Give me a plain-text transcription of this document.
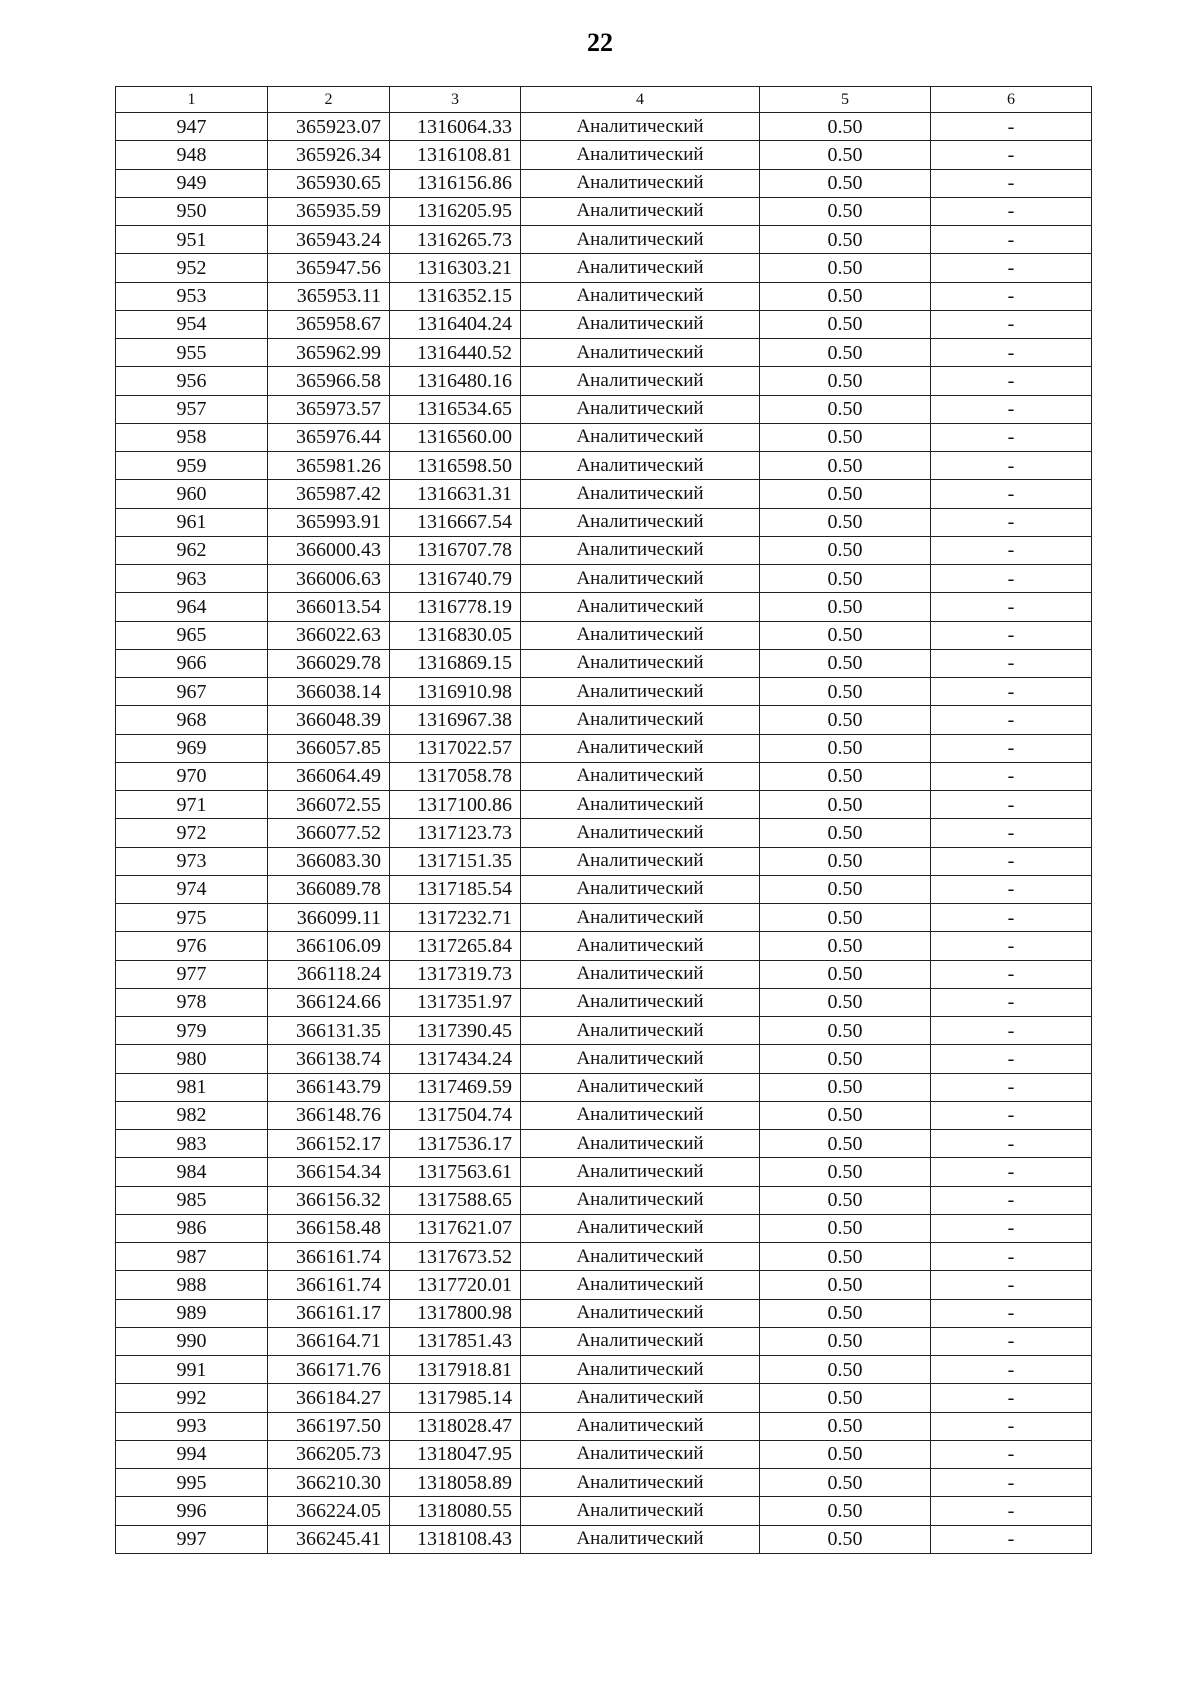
22
1	2	3	4	5	6
947	365923.07	1316064.33	Аналитический	0.50	-
948	365926.34	1316108.81	Аналитический	0.50	-
949	365930.65	1316156.86	Аналитический	0.50	-
950	365935.59	1316205.95	Аналитический	0.50	-
951	365943.24	1316265.73	Аналитический	0.50	-
952	365947.56	1316303.21	Аналитический	0.50	-
953	365953.11	1316352.15	Аналитический	0.50	-
954	365958.67	1316404.24	Аналитический	0.50	-
955	365962.99	1316440.52	Аналитический	0.50	-
956	365966.58	1316480.16	Аналитический	0.50	-
957	365973.57	1316534.65	Аналитический	0.50	-
958	365976.44	1316560.00	Аналитический	0.50	-
959	365981.26	1316598.50	Аналитический	0.50	-
960	365987.42	1316631.31	Аналитический	0.50	-
961	365993.91	1316667.54	Аналитический	0.50	-
962	366000.43	1316707.78	Аналитический	0.50	-
963	366006.63	1316740.79	Аналитический	0.50	-
964	366013.54	1316778.19	Аналитический	0.50	-
965	366022.63	1316830.05	Аналитический	0.50	-
966	366029.78	1316869.15	Аналитический	0.50	-
967	366038.14	1316910.98	Аналитический	0.50	-
968	366048.39	1316967.38	Аналитический	0.50	-
969	366057.85	1317022.57	Аналитический	0.50	-
970	366064.49	1317058.78	Аналитический	0.50	-
971	366072.55	1317100.86	Аналитический	0.50	-
972	366077.52	1317123.73	Аналитический	0.50	-
973	366083.30	1317151.35	Аналитический	0.50	-
974	366089.78	1317185.54	Аналитический	0.50	-
975	366099.11	1317232.71	Аналитический	0.50	-
976	366106.09	1317265.84	Аналитический	0.50	-
977	366118.24	1317319.73	Аналитический	0.50	-
978	366124.66	1317351.97	Аналитический	0.50	-
979	366131.35	1317390.45	Аналитический	0.50	-
980	366138.74	1317434.24	Аналитический	0.50	-
981	366143.79	1317469.59	Аналитический	0.50	-
982	366148.76	1317504.74	Аналитический	0.50	-
983	366152.17	1317536.17	Аналитический	0.50	-
984	366154.34	1317563.61	Аналитический	0.50	-
985	366156.32	1317588.65	Аналитический	0.50	-
986	366158.48	1317621.07	Аналитический	0.50	-
987	366161.74	1317673.52	Аналитический	0.50	-
988	366161.74	1317720.01	Аналитический	0.50	-
989	366161.17	1317800.98	Аналитический	0.50	-
990	366164.71	1317851.43	Аналитический	0.50	-
991	366171.76	1317918.81	Аналитический	0.50	-
992	366184.27	1317985.14	Аналитический	0.50	-
993	366197.50	1318028.47	Аналитический	0.50	-
994	366205.73	1318047.95	Аналитический	0.50	-
995	366210.30	1318058.89	Аналитический	0.50	-
996	366224.05	1318080.55	Аналитический	0.50	-
997	366245.41	1318108.43	Аналитический	0.50	-
